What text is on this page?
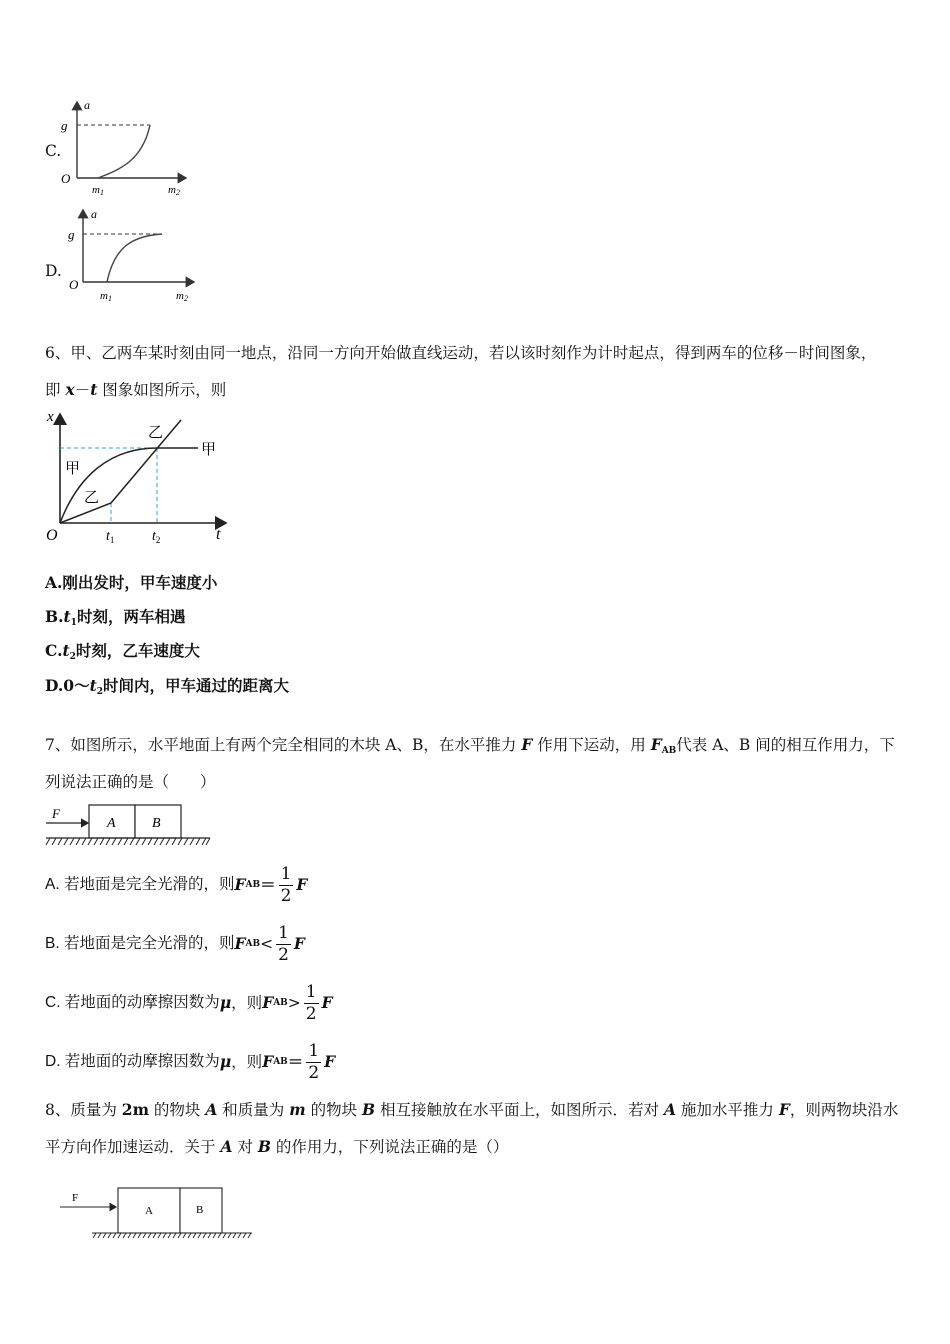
C.
a
g
O
m1	m2
D.
a
g
O
m1	m2
6、甲、乙两车某时刻由同一地点，沿同一方向开始做直线运动，若以该时刻作为计时起点，得到两车的位移－时间图象，
即 x－t 图象如图所示，则
x
t
O	$t_1$	$t_2$
甲
甲
乙
乙
A.刚出发时，甲车速度小
$B.t_1$时刻，两车相遇
$C.t_2$时刻，乙车速度大
$D.0\sim t_2$时间内，甲车通过的距离大
7、如图所示，水平地面上有两个完全相同的木块 A、B，在水平推力 F 作用下运动，用 $F_{AB}$代表 A、B 间的相互作用力，下
列说法正确的是（　　）
F
A	B
A. 若地面是完全光滑的，则 F AB ＝ $\frac{1}{2}$ F
B. 若地面是完全光滑的，则 F AB < $\frac{1}{2}$ F
C. 若地面的动摩擦因数为 μ ，则 F AB > $\frac{1}{2}$ F
D. 若地面的动摩擦因数为 μ ，则 F AB ＝ $\frac{1}{2}$ F
8、质量为 2m 的物块 A 和质量为 m 的物块 B 相互接触放在水平面上，如图所示．若对 A 施加水平推力 F，则两物块沿水
平方向作加速运动．关于 A 对 B 的作用力，下列说法正确的是（）
F
A	B
